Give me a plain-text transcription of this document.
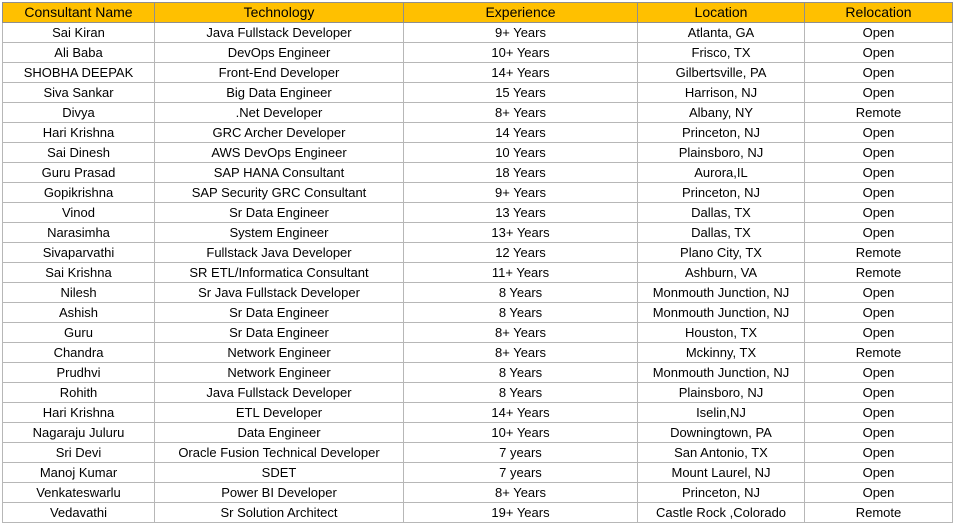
Consultant Name	Technology	Experience	Location	Relocation
Sai Kiran	Java Fullstack Developer	9+ Years	Atlanta, GA	Open
Ali Baba	DevOps Engineer	10+ Years	Frisco, TX	Open
SHOBHA DEEPAK	Front-End Developer	14+ Years	Gilbertsville, PA	Open
Siva Sankar	Big Data Engineer	15 Years	Harrison, NJ	Open
Divya	.Net Developer	8+ Years	Albany, NY	Remote
Hari Krishna	GRC Archer Developer	14 Years	Princeton, NJ	Open
Sai Dinesh	AWS DevOps Engineer	10 Years	Plainsboro, NJ	Open
Guru Prasad	SAP HANA Consultant	18 Years	Aurora,IL	Open
Gopikrishna	SAP Security GRC Consultant	9+ Years	Princeton, NJ	Open
Vinod	Sr Data Engineer	13 Years	Dallas, TX	Open
Narasimha	System Engineer	13+ Years	Dallas, TX	Open
Sivaparvathi	Fullstack Java Developer	12 Years	Plano City, TX	Remote
Sai Krishna	SR ETL/Informatica Consultant	11+ Years	Ashburn, VA	Remote
Nilesh	Sr Java Fullstack Developer	8 Years	Monmouth Junction, NJ	Open
Ashish	Sr Data Engineer	8 Years	Monmouth Junction, NJ	Open
Guru	Sr Data Engineer	8+ Years	Houston, TX	Open
Chandra	Network Engineer	8+ Years	Mckinny, TX	Remote
Prudhvi	Network Engineer	8 Years	Monmouth Junction, NJ	Open
Rohith	Java Fullstack Developer	8 Years	Plainsboro, NJ	Open
Hari Krishna	ETL Developer	14+ Years	Iselin,NJ	Open
Nagaraju Juluru	Data Engineer	10+ Years	Downingtown, PA	Open
Sri Devi	Oracle Fusion Technical Developer	7 years	San Antonio, TX	Open
Manoj Kumar	SDET	7 years	Mount Laurel, NJ	Open
Venkateswarlu	Power BI Developer	8+ Years	Princeton, NJ	Open
Vedavathi	Sr Solution Architect	19+ Years	Castle Rock ,Colorado	Remote
